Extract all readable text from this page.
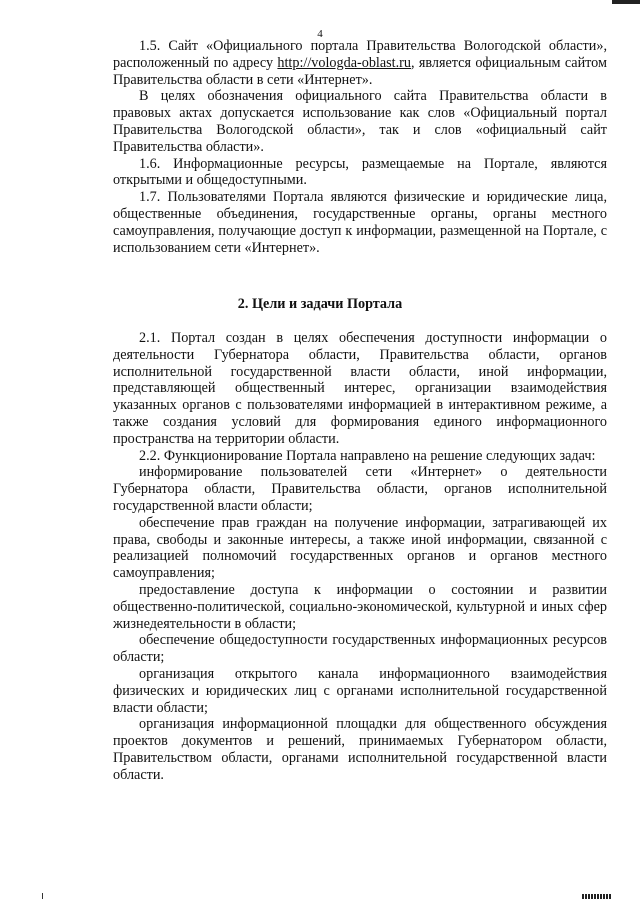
4

1.5. Сайт «Официального портала Правительства Вологодской области», расположенный по адресу http://vologda-oblast.ru, является официальным сайтом Правительства области в сети «Интернет».

В целях обозначения официального сайта Правительства области в правовых актах допускается использование как слов «Официальный портал Правительства Вологодской области», так и слов «официальный сайт Правительства области».

1.6. Информационные ресурсы, размещаемые на Портале, являются открытыми и общедоступными.

1.7. Пользователями Портала являются физические и юридические лица, общественные объединения, государственные органы, органы местного самоуправления, получающие доступ к информации, размещенной на Портале, с использованием сети «Интернет».

2. Цели и задачи Портала

2.1. Портал создан в целях обеспечения доступности информации о деятельности Губернатора области, Правительства области, органов исполнительной государственной власти области, иной информации, представляющей общественный интерес, организации взаимодействия указанных органов с пользователями информацией в интерактивном режиме, а также создания условий для формирования единого информационного пространства на территории области.

2.2. Функционирование Портала направлено на решение следующих задач:

информирование пользователей сети «Интернет» о деятельности Губернатора области, Правительства области, органов исполнительной государственной власти области;

обеспечение прав граждан на получение информации, затрагивающей их права, свободы и законные интересы, а также иной информации, связанной с реализацией полномочий государственных органов и органов местного самоуправления;

предоставление доступа к информации о состоянии и развитии общественно-политической, социально-экономической, культурной и иных сфер жизнедеятельности в области;

обеспечение общедоступности государственных информационных ресурсов области;

организация открытого канала информационного взаимодействия физических и юридических лиц с органами исполнительной государственной власти области;

организация информационной площадки для общественного обсуждения проектов документов и решений, принимаемых Губернатором области, Правительством области, органами исполнительной государственной власти области.
